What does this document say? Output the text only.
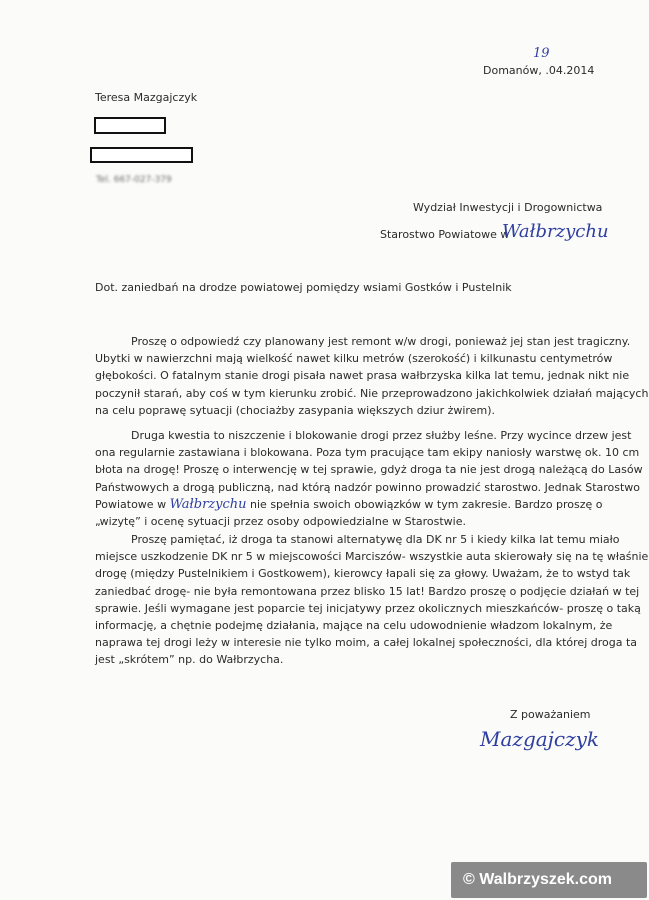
19
Domanów, .04.2014
Teresa Mazgajczyk
Tel. 667-027-379
Wydział Inwestycji i Drogownictwa
Starostwo Powiatowe w
Wałbrzychu
Dot. zaniedbań na drodze powiatowej pomiędzy wsiami Gostków i Pustelnik
Proszę o odpowiedź czy planowany jest remont w/w drogi, ponieważ jej stan jest tragiczny.
Ubytki w nawierzchni mają wielkość nawet kilku metrów (szerokość) i kilkunastu centymetrów
głębokości. O fatalnym stanie drogi pisała nawet prasa wałbrzyska kilka lat temu, jednak nikt nie
poczynił starań, aby coś w tym kierunku zrobić. Nie przeprowadzono jakichkolwiek działań mających
na celu poprawę sytuacji (chociażby zasypania większych dziur żwirem).
Druga kwestia to niszczenie i blokowanie drogi przez służby leśne. Przy wycince drzew jest
ona regularnie zastawiana i blokowana. Poza tym pracujące tam ekipy naniosły warstwę ok. 10 cm
błota na drogę! Proszę o interwencję w tej sprawie, gdyż droga ta nie jest drogą należącą do Lasów
Państwowych a drogą publiczną, nad którą nadzór powinno prowadzić starostwo. Jednak Starostwo
Powiatowe w Wałbrzychu nie spełnia swoich obowiązków w tym zakresie. Bardzo proszę o
„wizytę” i ocenę sytuacji przez osoby odpowiedzialne w Starostwie.
Proszę pamiętać, iż droga ta stanowi alternatywę dla DK nr 5 i kiedy kilka lat temu miało
miejsce uszkodzenie DK nr 5 w miejscowości Marciszów- wszystkie auta skierowały się na tę właśnie
drogę (między Pustelnikiem i Gostkowem), kierowcy łapali się za głowy. Uważam, że to wstyd tak
zaniedbać drogę- nie była remontowana przez blisko 15 lat! Bardzo proszę o podjęcie działań w tej
sprawie. Jeśli wymagane jest poparcie tej inicjatywy przez okolicznych mieszkańców- proszę o taką
informację, a chętnie podejmę działania, mające na celu udowodnienie władzom lokalnym, że
naprawa tej drogi leży w interesie nie tylko moim, a całej lokalnej społeczności, dla której droga ta
jest „skrótem” np. do Wałbrzycha.
Z poważaniem
Mazgajczyk
© Walbrzyszek.com
